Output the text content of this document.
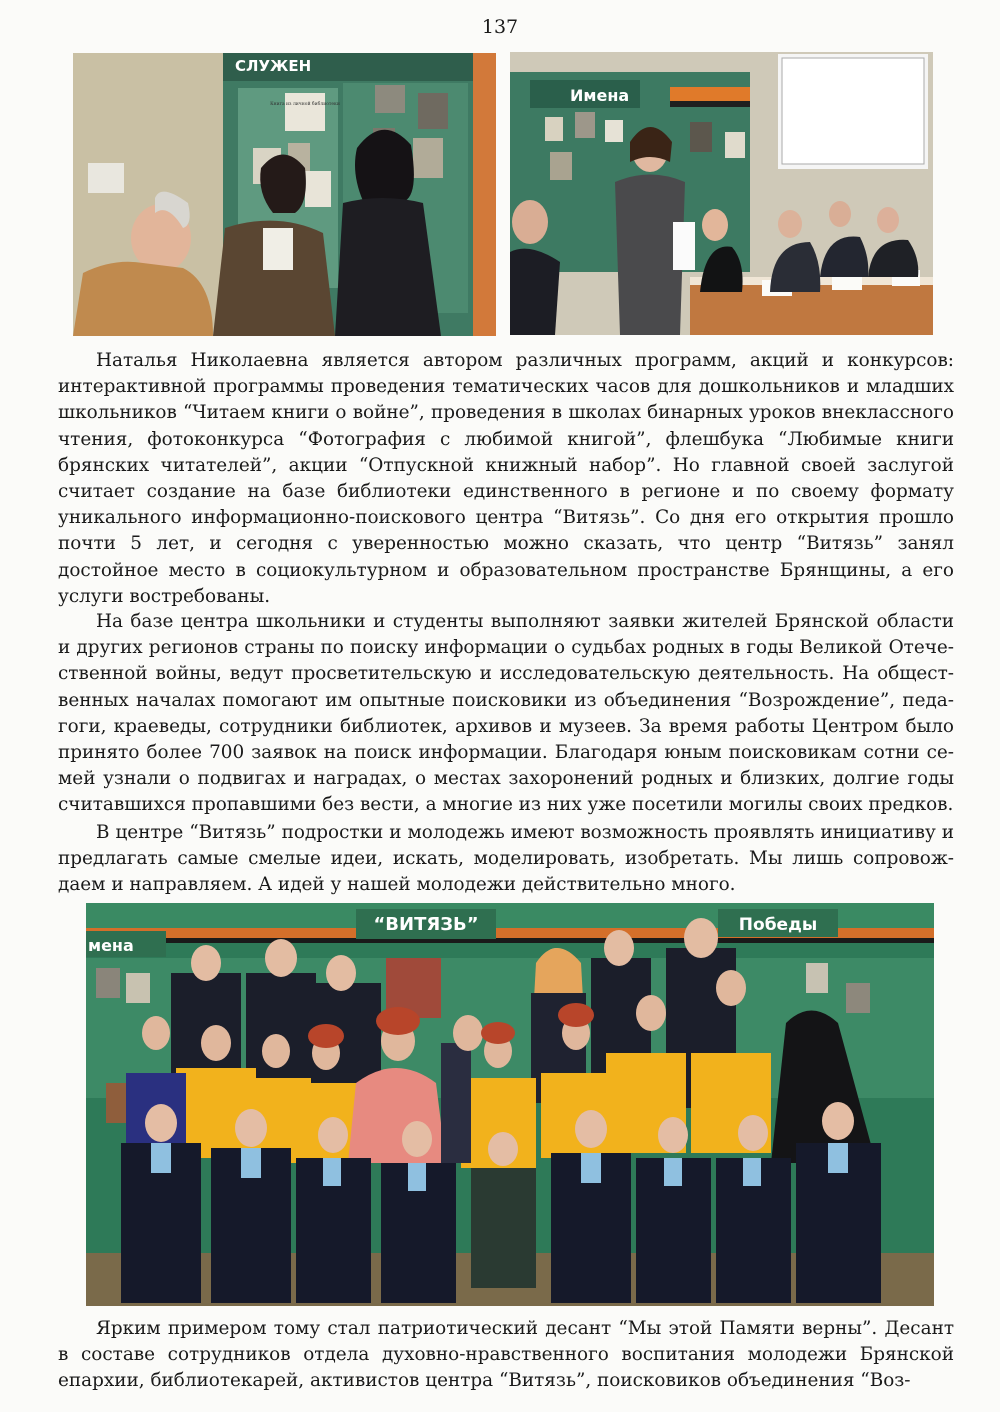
137
СЛУЖЕН
Книга из личной библиотеки	Имена

Наталья Николаевна является автором различных программ, акций и конкурсов: интерактивной программы проведения тематических часов для дошкольников и младших школьников “Читаем книги о войне”, проведения в школах бинарных уроков внеклассного чтения, фотоконкурса “Фотография с любимой книгой”, флешбука “Любимые книги брянских читателей”, акции “Отпускной книжный набор”. Но главной своей заслугой считает создание на базе библиотеки единственного в регионе и по своему формату уникального информационно-поискового центра “Витязь”. Со дня его открытия прошло почти 5 лет, и сегодня с уверенностью можно сказать, что центр “Витязь” занял достойное место в социокультурном и образовательном пространстве Брянщины, а его услуги востребованы.

На базе центра школьники и студенты выполняют заявки жителей Брянской области и других регионов страны по поиску информации о судьбах родных в годы Великой Отечественной войны, ведут просветительскую и исследовательскую деятельность. На общественных началах помогают им опытные поисковики из объединения “Возрождение”, педагоги, краеведы, сотрудники библиотек, архивов и музеев. За время работы Центром было принято более 700 заявок на поиск информации. Благодаря юным поисковикам сотни семей узнали о подвигах и наградах, о местах захоронений родных и близких, долгие годы считавшихся пропавшими без вести, а многие из них уже посетили могилы своих предков.

В центре “Витязь” подростки и молодежь имеют возможность проявлять инициативу и предлагать самые смелые идеи, искать, моделировать, изобретать. Мы лишь сопровождаем и направляем. А идей у нашей молодежи действительно много.

“ВИТЯЗЬ”
мена
Победы

Ярким примером тому стал патриотический десант “Мы этой Памяти верны”. Десант в составе сотрудников отдела духовно-нравственного воспитания молодежи Брянской епархии, библиотекарей, активистов центра “Витязь”, поисковиков объединения “Воз-
